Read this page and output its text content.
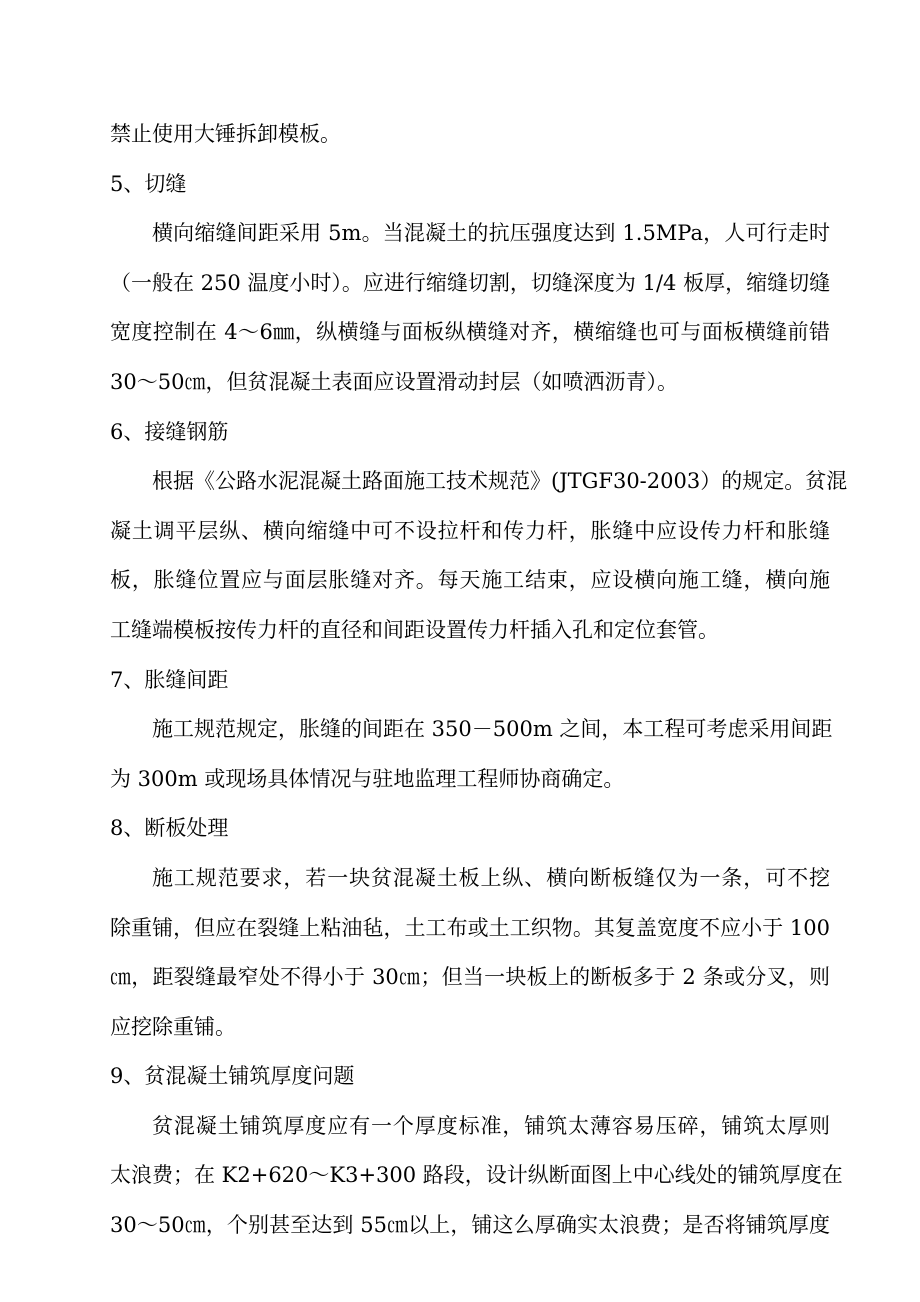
禁止使用大锤拆卸模板。
5、切缝
横向缩缝间距采用 5m。当混凝土的抗压强度达到 1.5MPa，人可行走时
（一般在 250 温度小时）。应进行缩缝切割，切缝深度为 1/4 板厚，缩缝切缝
宽度控制在 4～6㎜，纵横缝与面板纵横缝对齐，横缩缝也可与面板横缝前错
30～50㎝，但贫混凝土表面应设置滑动封层（如喷洒沥青）。
6、接缝钢筋
根据《公路水泥混凝土路面施工技术规范》(JTGF30-2003）的规定。贫混
凝土调平层纵、横向缩缝中可不设拉杆和传力杆，胀缝中应设传力杆和胀缝
板，胀缝位置应与面层胀缝对齐。每天施工结束，应设横向施工缝，横向施
工缝端模板按传力杆的直径和间距设置传力杆插入孔和定位套管。
7、胀缝间距
施工规范规定，胀缝的间距在 350－500m 之间，本工程可考虑采用间距
为 300m 或现场具体情况与驻地监理工程师协商确定。
8、断板处理
施工规范要求，若一块贫混凝土板上纵、横向断板缝仅为一条，可不挖
除重铺，但应在裂缝上粘油毡，土工布或土工织物。其复盖宽度不应小于 100
㎝，距裂缝最窄处不得小于 30㎝；但当一块板上的断板多于 2 条或分叉，则
应挖除重铺。
9、贫混凝土铺筑厚度问题
贫混凝土铺筑厚度应有一个厚度标准，铺筑太薄容易压碎，铺筑太厚则
太浪费；在 K2+620～K3+300 路段，设计纵断面图上中心线处的铺筑厚度在
30～50㎝，个别甚至达到 55㎝以上，铺这么厚确实太浪费；是否将铺筑厚度
